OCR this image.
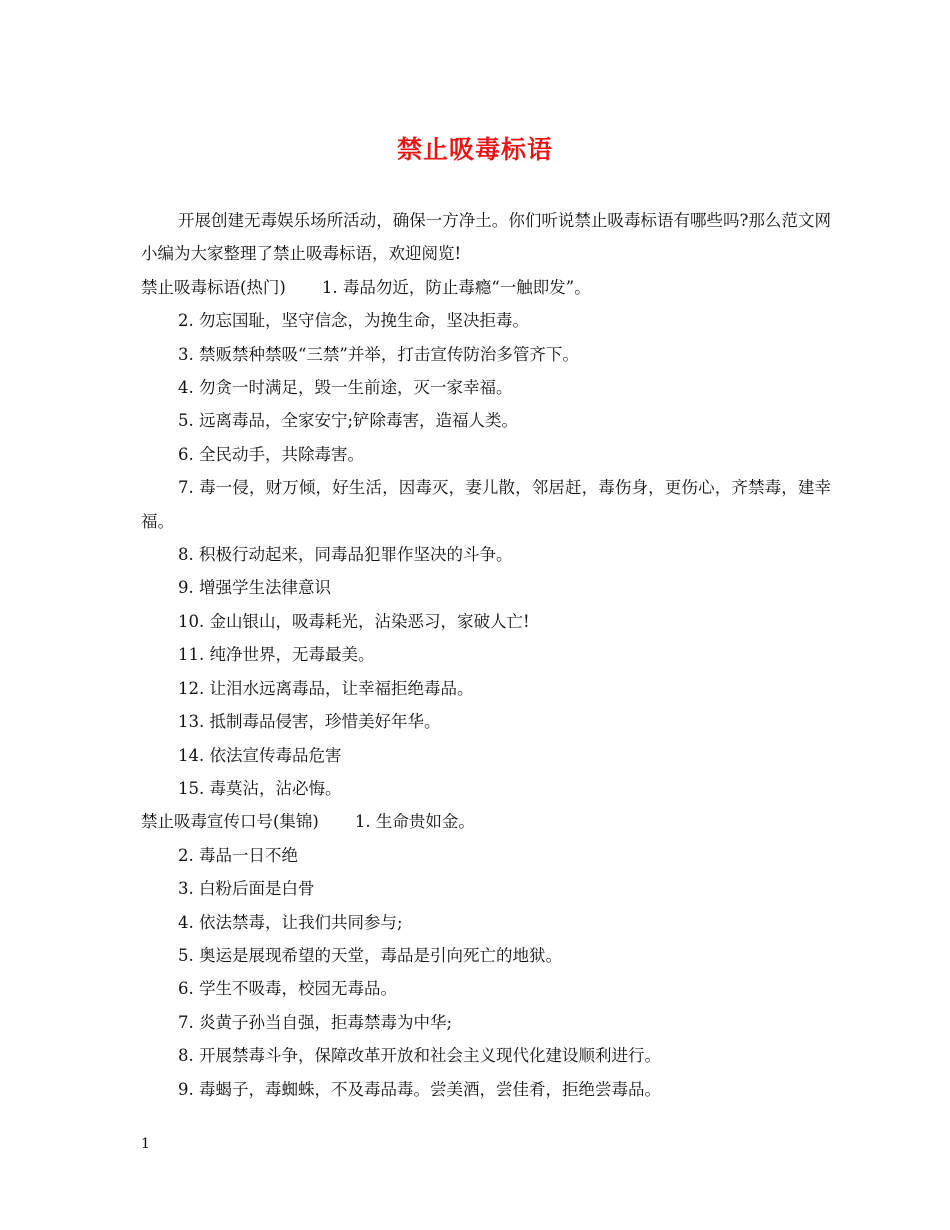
禁止吸毒标语

开展创建无毒娱乐场所活动，确保一方净土。你们听说禁止吸毒标语有哪些吗?那么范文网小编为大家整理了禁止吸毒标语，欢迎阅览!

禁止吸毒标语(热门) 1. 毒品勿近，防止毒瘾“一触即发”。

2. 勿忘国耻，坚守信念，为挽生命，坚决拒毒。

3. 禁贩禁种禁吸“三禁”并举，打击宣传防治多管齐下。

4. 勿贪一时满足，毁一生前途，灭一家幸福。

5. 远离毒品，全家安宁;铲除毒害，造福人类。

6. 全民动手，共除毒害。

7. 毒一侵，财万倾，好生活，因毒灭，妻儿散，邻居赶，毒伤身，更伤心，齐禁毒，建幸福。

8. 积极行动起来，同毒品犯罪作坚决的斗争。

9. 增强学生法律意识

10. 金山银山，吸毒耗光，沾染恶习，家破人亡!

11. 纯净世界，无毒最美。

12. 让泪水远离毒品，让幸福拒绝毒品。

13. 抵制毒品侵害，珍惜美好年华。

14. 依法宣传毒品危害

15. 毒莫沾，沾必悔。

禁止吸毒宣传口号(集锦) 1. 生命贵如金。

2. 毒品一日不绝

3. 白粉后面是白骨

4. 依法禁毒，让我们共同参与;

5. 奥运是展现希望的天堂，毒品是引向死亡的地狱。

6. 学生不吸毒，校园无毒品。

7. 炎黄子孙当自强，拒毒禁毒为中华;

8. 开展禁毒斗争，保障改革开放和社会主义现代化建设顺利进行。

9. 毒蝎子，毒蜘蛛，不及毒品毒。尝美酒，尝佳肴，拒绝尝毒品。

1
